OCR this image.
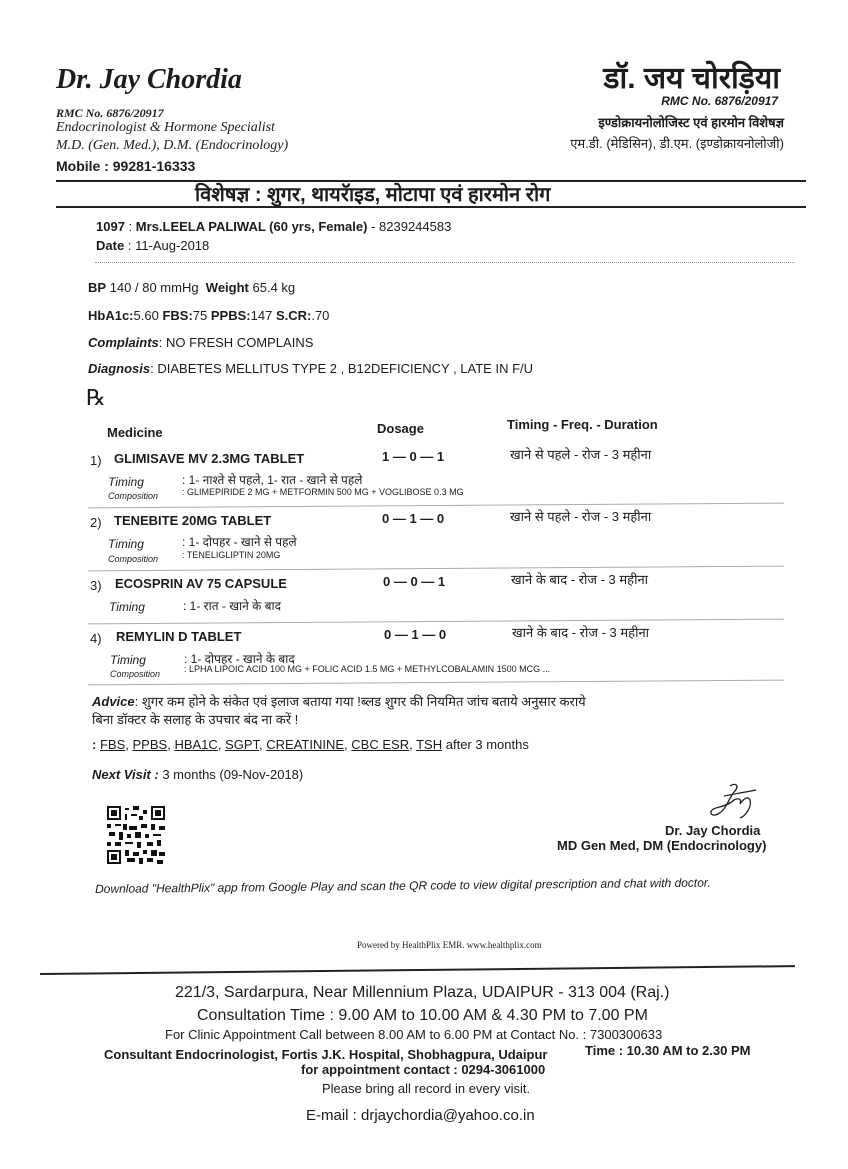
Dr. Jay Chordia
RMC No. 6876/20917
Endocrinologist & Hormone Specialist
M.D. (Gen. Med.), D.M. (Endocrinology)
Mobile : 99281-16333
डॉ. जय चोरड़िया
RMC No. 6876/20917
इण्डोक्रायनोलोजिस्ट एवं हारमोन विशेषज्ञ
एम.डी. (मेडिसिन), डी.एम. (इण्डोक्रायनोलोजी)
विशेषज्ञ : शुगर, थायरॅाइड, मोटापा एवं हारमोन रोग
1097 : Mrs.LEELA PALIWAL (60 yrs, Female) - 8239244583
Date : 11-Aug-2018
BP 140 / 80 mmHg Weight 65.4 kg
HbA1c:5.60 FBS:75 PPBS:147 S.CR:.70
Complaints: NO FRESH COMPLAINS
Diagnosis: DIABETES MELLITUS TYPE 2 , B12DEFICIENCY , LATE IN F/U
℞
Medicine	Dosage	Timing - Freq. - Duration
1) GLIMISAVE MV 2.3MG TABLET	1 — 0 — 1	खाने से पहले - रोज - 3 महीना
Timing	: 1- नाश्ते से पहले, 1- रात - खाने से पहले
Composition	: GLIMEPIRIDE 2 MG + METFORMIN 500 MG + VOGLIBOSE 0.3 MG
2) TENEBITE 20MG TABLET	0 — 1 — 0	खाने से पहले - रोज - 3 महीना
Timing	: 1- दोपहर - खाने से पहले
Composition	: TENELIGLIPTIN 20MG
3) ECOSPRIN AV 75 CAPSULE	0 — 0 — 1	खाने के बाद - रोज - 3 महीना
Timing	: 1- रात - खाने के बाद
4) REMYLIN D TABLET	0 — 1 — 0	खाने के बाद - रोज - 3 महीना
Timing	: 1- दोपहर - खाने के बाद
Composition	: LPHA LIPOIC ACID 100 MG + FOLIC ACID 1.5 MG + METHYLCOBALAMIN 1500 MCG ...
Advice: शुगर कम होने के संकेत एवं इलाज बताया गया !ब्लड शुगर की नियमित जांच बताये अनुसार कराये
बिना डॉक्टर के सलाह के उपचार बंद ना करें !
: FBS, PPBS, HBA1C, SGPT, CREATININE, CBC ESR, TSH after 3 months
Next Visit : 3 months (09-Nov-2018)
Dr. Jay Chordia
MD Gen Med, DM (Endocrinology)
Download "HealthPlix" app from Google Play and scan the QR code to view digital prescription and chat with doctor.
Powered by HealthPlix EMR. www.healthplix.com
221/3, Sardarpura, Near Millennium Plaza, UDAIPUR - 313 004 (Raj.)
Consultation Time : 9.00 AM to 10.00 AM & 4.30 PM to 7.00 PM
For Clinic Appointment Call between 8.00 AM to 6.00 PM at Contact No. : 7300300633
Consultant Endocrinologist, Fortis J.K. Hospital, Shobhagpura, Udaipur	Time : 10.30 AM to 2.30 PM
for appointment contact : 0294-3061000
Please bring all record in every visit.
E-mail : drjaychordia@yahoo.co.in
